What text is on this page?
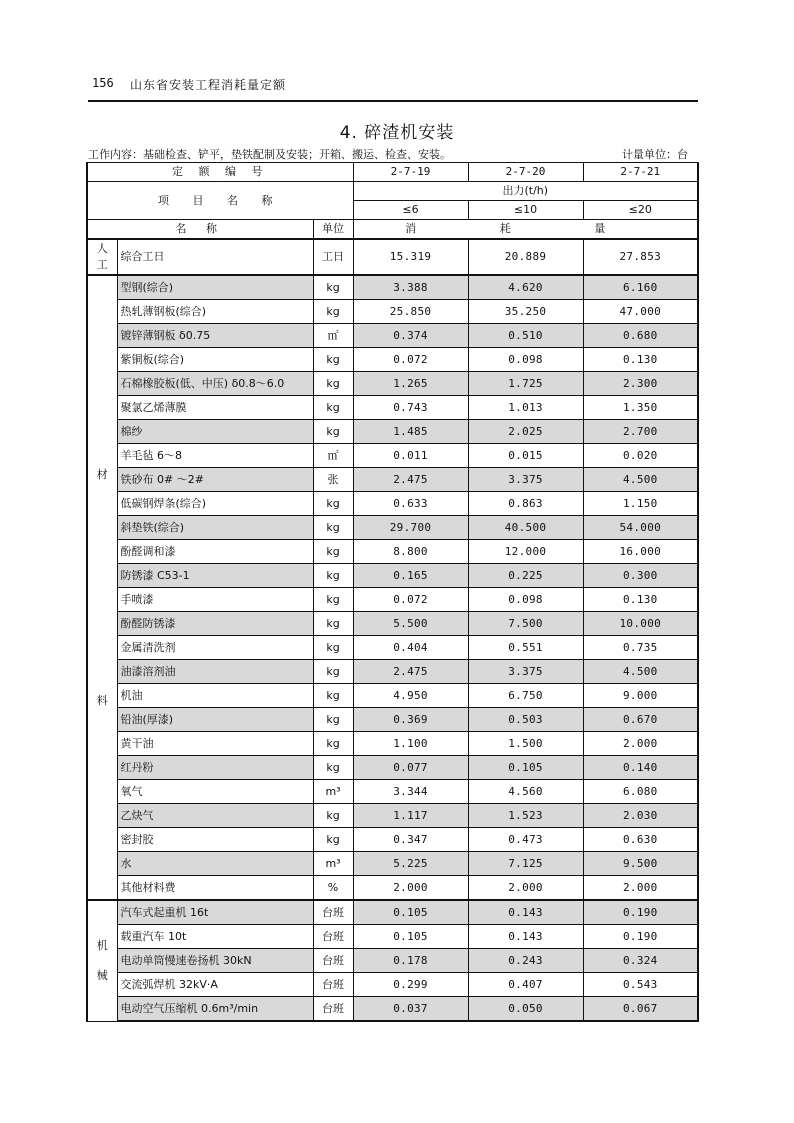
156 山东省安装工程消耗量定额
4. 碎渣机安装
工作内容：基础检查、铲平，垫铁配制及安装；开箱、搬运、检查、安装。	计量单位：台
定 额 编 号			2-7-19	2-7-20	2-7-21
项 目 名 称			出力(t/h)		
			≤6	≤10	≤20
名 称		单位	消 耗 量		

人
工	综合工日	工日	15.319	20.889	27.853

材
料	型钢(综合)	kg	3.388	4.620	6.160
	热轧薄钢板(综合)	kg	25.850	35.250	47.000
	镀锌薄钢板 δ0.75	㎡	0.374	0.510	0.680
	紫铜板(综合)	kg	0.072	0.098	0.130
	石棉橡胶板(低、中压) δ0.8～6.0	kg	1.265	1.725	2.300
	聚氯乙烯薄膜	kg	0.743	1.013	1.350
	棉纱	kg	1.485	2.025	2.700
	羊毛毡 6～8	㎡	0.011	0.015	0.020
	铁砂布 0# ～2#	张	2.475	3.375	4.500
	低碳钢焊条(综合)	kg	0.633	0.863	1.150
	斜垫铁(综合)	kg	29.700	40.500	54.000
	酚醛调和漆	kg	8.800	12.000	16.000
	防锈漆 C53-1	kg	0.165	0.225	0.300
	手喷漆	kg	0.072	0.098	0.130
	酚醛防锈漆	kg	5.500	7.500	10.000
	金属清洗剂	kg	0.404	0.551	0.735
	油漆溶剂油	kg	2.475	3.375	4.500
	机油	kg	4.950	6.750	9.000
	铅油(厚漆)	kg	0.369	0.503	0.670
	黄干油	kg	1.100	1.500	2.000
	红丹粉	kg	0.077	0.105	0.140
	氧气	m³	3.344	4.560	6.080
	乙炔气	kg	1.117	1.523	2.030
	密封胶	kg	0.347	0.473	0.630
	水	m³	5.225	7.125	9.500
	其他材料费	%	2.000	2.000	2.000

机
械	汽车式起重机 16t	台班	0.105	0.143	0.190
	载重汽车 10t	台班	0.105	0.143	0.190
	电动单筒慢速卷扬机 30kN	台班	0.178	0.243	0.324
	交流弧焊机 32kV·A	台班	0.299	0.407	0.543
	电动空气压缩机 0.6m³/min	台班	0.037	0.050	0.067
